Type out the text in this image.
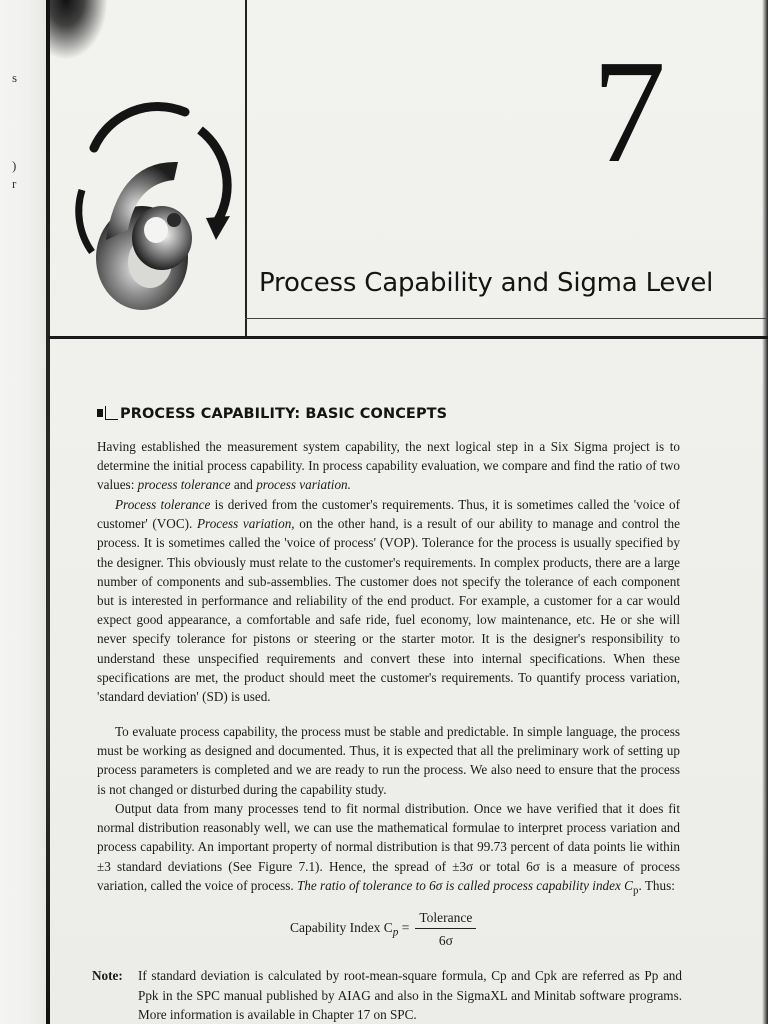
s
)
r	7
Process Capability and Sigma Level
PROCESS CAPABILITY: BASIC CONCEPTS

Having established the measurement system capability, the next logical step in a Six Sigma project is to determine the initial process capability. In process capability evaluation, we compare and find the ratio of two values: process tolerance and process variation.

Process tolerance is derived from the customer's requirements. Thus, it is sometimes called the 'voice of customer' (VOC). Process variation, on the other hand, is a result of our ability to manage and control the process. It is sometimes called the 'voice of process' (VOP). Tolerance for the process is usually specified by the designer. This obviously must relate to the customer's requirements. In complex products, there are a large number of components and sub-assemblies. The customer does not specify the tolerance of each component but is interested in performance and reliability of the end product. For example, a customer for a car would expect good appearance, a comfortable and safe ride, fuel economy, low maintenance, etc. He or she will never specify tolerance for pistons or steering or the starter motor. It is the designer's responsibility to understand these unspecified requirements and convert these into internal specifications. When these specifications are met, the product should meet the customer's requirements. To quantify process variation, 'standard deviation' (SD) is used.

To evaluate process capability, the process must be stable and predictable. In simple language, the process must be working as designed and documented. Thus, it is expected that all the preliminary work of setting up process parameters is completed and we are ready to run the process. We also need to ensure that the process is not changed or disturbed during the capability study.

Output data from many processes tend to fit normal distribution. Once we have verified that it does fit normal distribution reasonably well, we can use the mathematical formulae to interpret process variation and process capability. An important property of normal distribution is that 99.73 percent of data points lie within ±3 standard deviations (See Figure 7.1). Hence, the spread of ±3σ or total 6σ is a measure of process variation, called the voice of process. The ratio of tolerance to 6σ is called process capability index $C_p$. Thus:

Capability Index $C_p = \frac{\text{Tolerance}}{6\sigma}$
Note:	If standard deviation is calculated by root-mean-square formula, Cp and Cpk are referred as Pp and Ppk in the SPC manual published by AIAG and also in the SigmaXL and Minitab software programs. More information is available in Chapter 17 on SPC.
